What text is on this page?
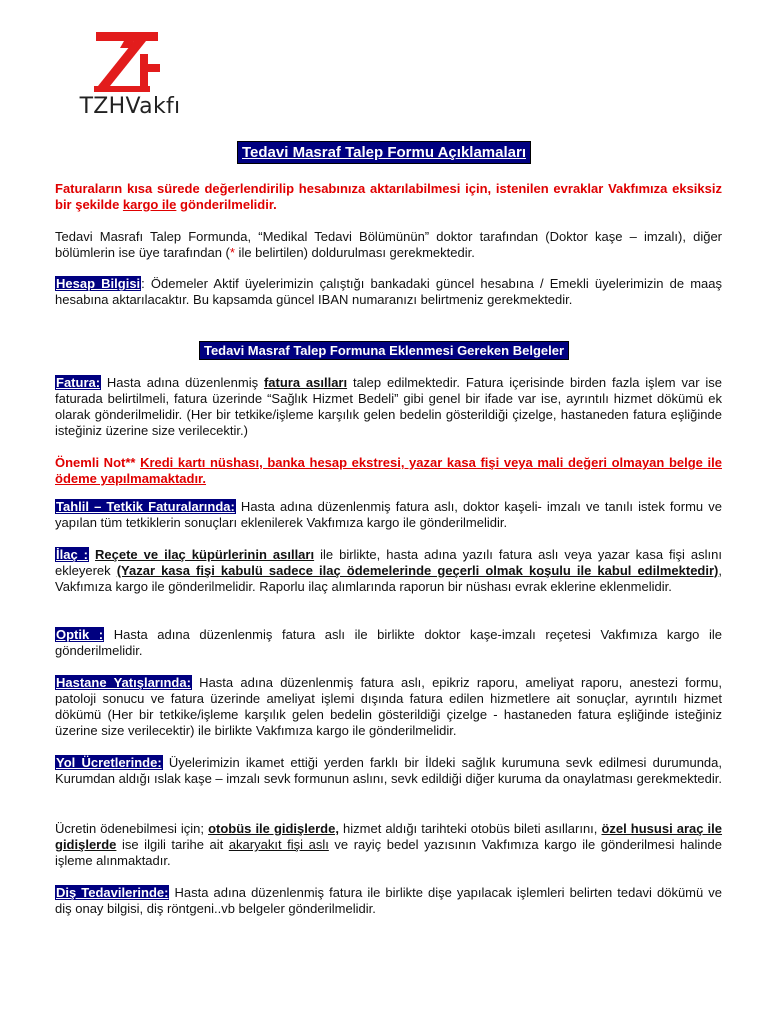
TZHVakfı
Tedavi Masraf Talep Formu Açıklamaları

Faturaların kısa sürede değerlendirilip hesabınıza aktarılabilmesi için, istenilen evraklar Vakfımıza eksiksiz bir şekilde kargo ile gönderilmelidir.

Tedavi Masrafı Talep Formunda, “Medikal Tedavi Bölümünün” doktor tarafından (Doktor kaşe – imzalı), diğer bölümlerin ise üye tarafından (* ile belirtilen) doldurulması gerekmektedir.

Hesap Bilgisi: Ödemeler Aktif üyelerimizin çalıştığı bankadaki güncel hesabına / Emekli üyelerimizin de maaş hesabına aktarılacaktır. Bu kapsamda güncel IBAN numaranızı belirtmeniz gerekmektedir.

Tedavi Masraf Talep Formuna Eklenmesi Gereken Belgeler

Fatura: Hasta adına düzenlenmiş fatura asılları talep edilmektedir. Fatura içerisinde birden fazla işlem var ise faturada belirtilmeli, fatura üzerinde “Sağlık Hizmet Bedeli” gibi genel bir ifade var ise, ayrıntılı hizmet dökümü ek olarak gönderilmelidir. (Her bir tetkike/işleme karşılık gelen bedelin gösterildiği çizelge, hastaneden fatura eşliğinde isteğiniz üzerine size verilecektir.)

Önemli Not** Kredi kartı nüshası, banka hesap ekstresi, yazar kasa fişi veya mali değeri olmayan belge ile ödeme yapılmamaktadır.

Tahlil – Tetkik Faturalarında: Hasta adına düzenlenmiş fatura aslı, doktor kaşeli- imzalı ve tanılı istek formu ve yapılan tüm tetkiklerin sonuçları eklenilerek Vakfımıza kargo ile gönderilmelidir.

İlaç : Reçete ve ilaç küpürlerinin asılları ile birlikte, hasta adına yazılı fatura aslı veya yazar kasa fişi aslını ekleyerek (Yazar kasa fişi kabulü sadece ilaç ödemelerinde geçerli olmak koşulu ile kabul edilmektedir), Vakfımıza kargo ile gönderilmelidir. Raporlu ilaç alımlarında raporun bir nüshası evrak eklerine eklenmelidir.

Optik : Hasta adına düzenlenmiş fatura aslı ile birlikte doktor kaşe-imzalı reçetesi Vakfımıza kargo ile gönderilmelidir.

Hastane Yatışlarında: Hasta adına düzenlenmiş fatura aslı, epikriz raporu, ameliyat raporu, anestezi formu, patoloji sonucu ve fatura üzerinde ameliyat işlemi dışında fatura edilen hizmetlere ait sonuçlar, ayrıntılı hizmet dökümü (Her bir tetkike/işleme karşılık gelen bedelin gösterildiği çizelge - hastaneden fatura eşliğinde isteğiniz üzerine size verilecektir) ile birlikte Vakfımıza kargo ile gönderilmelidir.

Yol Ücretlerinde: Üyelerimizin ikamet ettiği yerden farklı bir İldeki sağlık kurumuna sevk edilmesi durumunda, Kurumdan aldığı ıslak kaşe – imzalı sevk formunun aslını, sevk edildiği diğer kuruma da onaylatması gerekmektedir.

Ücretin ödenebilmesi için; otobüs ile gidişlerde, hizmet aldığı tarihteki otobüs bileti asıllarını, özel hususi araç ile gidişlerde ise ilgili tarihe ait akaryakıt fişi aslı ve rayiç bedel yazısının Vakfımıza kargo ile gönderilmesi halinde işleme alınmaktadır.

Diş Tedavilerinde: Hasta adına düzenlenmiş fatura ile birlikte dişe yapılacak işlemleri belirten tedavi dökümü ve diş onay bilgisi, diş röntgeni..vb belgeler gönderilmelidir.
